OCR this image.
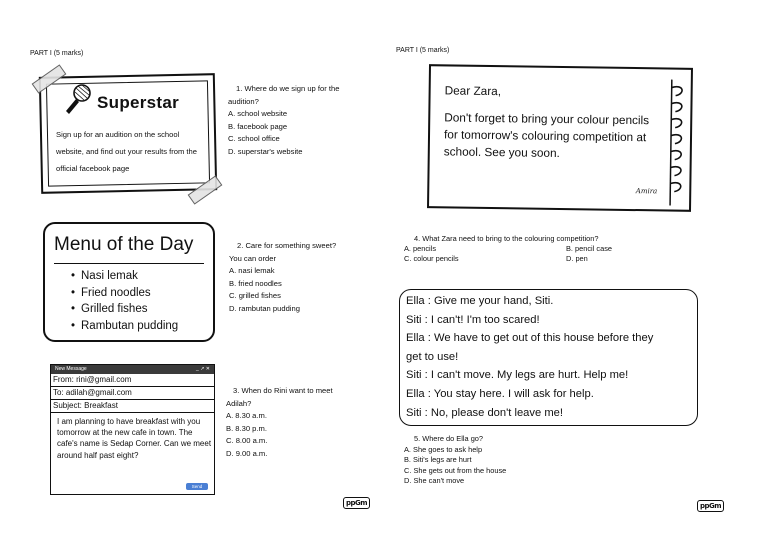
PART I (5 marks)
Superstar
Sign up for an audition on the school website, and find out your results from the official facebook page
1. Where do we sign up for the
audition?
A. school website
B. facebook page
C. school office
D. superstar's website
Menu of the Day
• Nasi lemak
• Fried noodles
• Grilled fishes
• Rambutan pudding
2. Care for something sweet?
You can order
A. nasi lemak
B. fried noodles
C. grilled fishes
D. rambutan pudding
New Message	_ ↗ ✕
From: rini@gmail.com
To: adilah@gmail.com
Subject: Breakfast
I am planning to have breakfast with you tomorrow at the new cafe in town. The cafe's name is Sedap Corner. Can we meet around half past eight?
Send
3. When do Rini want to meet
Adilah?
A. 8.30 a.m.
B. 8.30 p.m.
C. 8.00 a.m.
D. 9.00 a.m.
ppGm
PART I (5 marks)
Dear Zara,
Don't forget to bring your colour pencils
for tomorrow's colouring competition at
school. See you soon.
Amira
4. What Zara need to bring to the colouring competition?
A. pencils	B. pencil case
C. colour pencils	D. pen
Ella : Give me your hand, Siti.
Siti : I can't! I'm too scared!
Ella : We have to get out of this house before they
get to use!
Siti : I can't move. My legs are hurt. Help me!
Ella : You stay here. I will ask for help.
Siti : No, please don't leave me!
5. Where do Ella go?
A. She goes to ask help
B. Siti's legs are hurt
C. She gets out from the house
D. She can't move
ppGm
